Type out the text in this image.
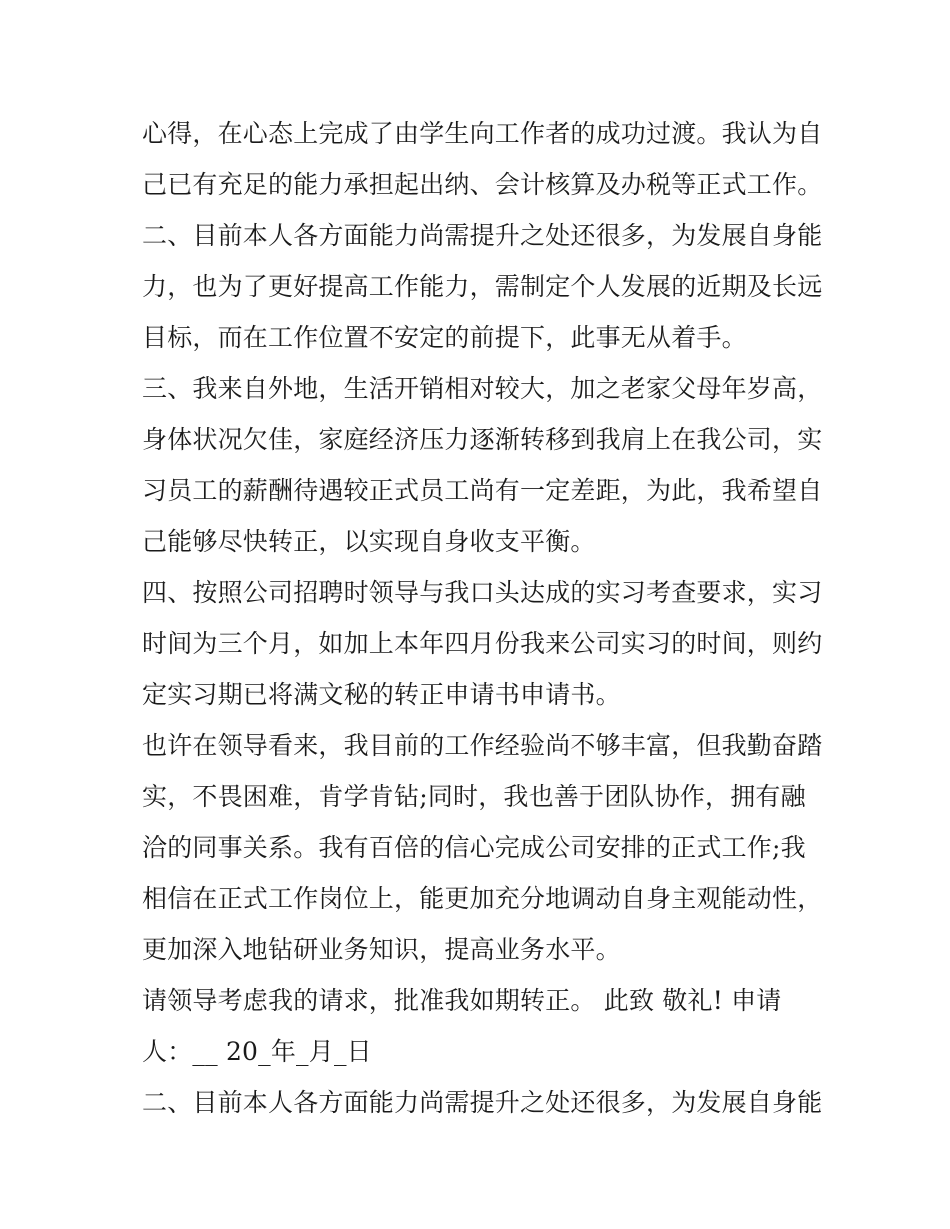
心得，在心态上完成了由学生向工作者的成功过渡。我认为自
己已有充足的能力承担起出纳、会计核算及办税等正式工作。
二、目前本人各方面能力尚需提升之处还很多，为发展自身能
力，也为了更好提高工作能力，需制定个人发展的近期及长远
目标，而在工作位置不安定的前提下，此事无从着手。
三、我来自外地，生活开销相对较大，加之老家父母年岁高，
身体状况欠佳，家庭经济压力逐渐转移到我肩上在我公司，实
习员工的薪酬待遇较正式员工尚有一定差距，为此，我希望自
己能够尽快转正，以实现自身收支平衡。
四、按照公司招聘时领导与我口头达成的实习考查要求，实习
时间为三个月，如加上本年四月份我来公司实习的时间，则约
定实习期已将满文秘的转正申请书申请书。
也许在领导看来，我目前的工作经验尚不够丰富，但我勤奋踏
实，不畏困难，肯学肯钻;同时，我也善于团队协作，拥有融
洽的同事关系。我有百倍的信心完成公司安排的正式工作;我
相信在正式工作岗位上，能更加充分地调动自身主观能动性，
更加深入地钻研业务知识，提高业务水平。
请领导考虑我的请求，批准我如期转正。 此致 敬礼! 申请
人：__ 20_年_月_日
二、目前本人各方面能力尚需提升之处还很多，为发展自身能
